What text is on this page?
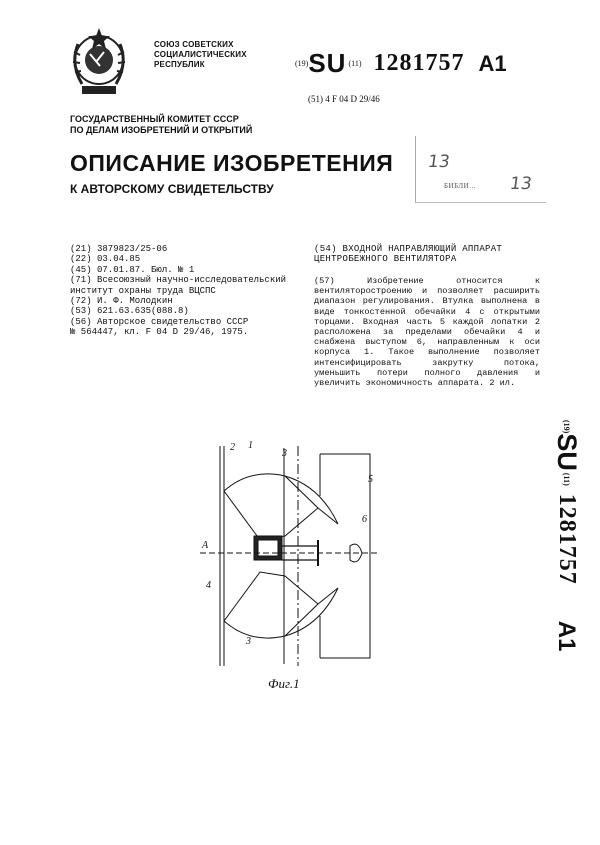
СОЮЗ СОВЕТСКИХ
СОЦИАЛИСТИЧЕСКИХ
РЕСПУБЛИК	(19)SU (11) 1281757 A1
(51) 4 F 04 D 29/46
ГОСУДАРСТВЕННЫЙ КОМИТЕТ СССР
ПО ДЕЛАМ ИЗОБРЕТЕНИЙ И ОТКРЫТИЙ
ОПИСАНИЕ ИЗОБРЕТЕНИЯ
К АВТОРСКОМУ СВИДЕТЕЛЬСТВУ
13
13
БИБЛИ...
(21) 3879823/25-06
(22) 03.04.85
(45) 07.01.87. Бюл. № 1
(71) Всесоюзный научно-исследовательский
институт охраны труда ВЦСПС
(72) И. Ф. Молодкин
(53) 621.63.635(088.8)
(56) Авторское свидетельство СССР
№ 564447, кл. F 04 D 29/46, 1975.
(54) ВХОДНОЙ НАПРАВЛЯЮЩИЙ АППАРАТ ЦЕНТРОБЕЖНОГО ВЕНТИЛЯТОРА
(57) Изобретение относится к вентиляторостроению и позволяет расширить диапазон регулирования. Втулка выполнена в виде тонкостенной обечайки 4 с открытыми торцами. Входная часть 5 каждой лопатки 2 расположена за пределами обечайки 4 и снабжена выступом 6, направленным к оси корпуса 1. Такое выполнение позволяет интенсифицировать закрутку потока, уменьшить потери полного давления и увеличить экономичность аппарата. 2 ил.
(19)SU(11)1281757A1
2 1
3
5
6
A
4
3
Фиг.1
